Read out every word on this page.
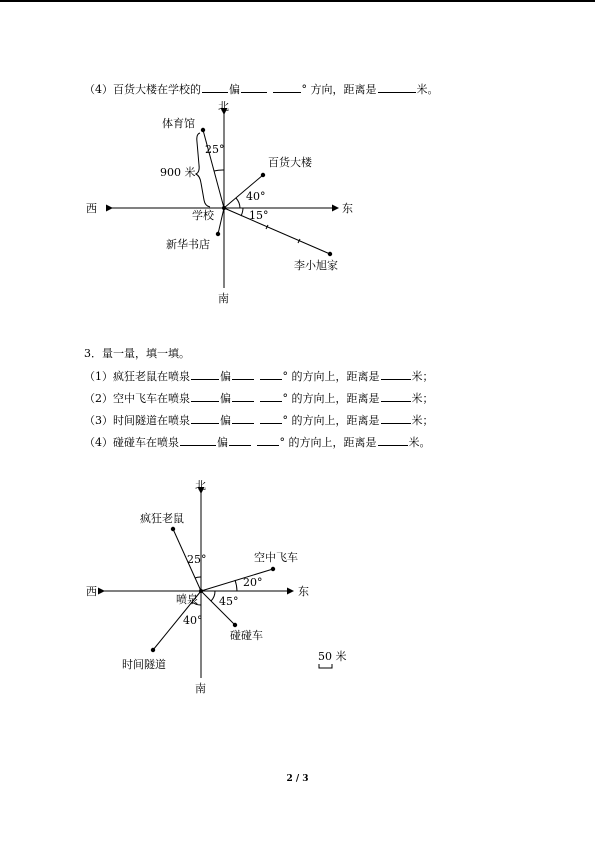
（4）百货大楼在学校的	偏	° 方向，距离是	米。
北
南
东
西
学校
体育馆
900 米
25°
百货大楼
40°
李小旭家
15°
新华书店
北
南
东
西
喷泉
疯狂老鼠
25°	空中飞车
20°
碰碰车
45°
时间隧道
40°
50 米
3．量一量，填一填。
（1）疯狂老鼠在喷泉	偏	° 的方向上，距离是	米；
（2）空中飞车在喷泉	偏	° 的方向上，距离是	米；
（3）时间隧道在喷泉	偏	° 的方向上，距离是	米；
（4）碰碰车在喷泉	偏	° 的方向上，距离是	米。
2 / 3
